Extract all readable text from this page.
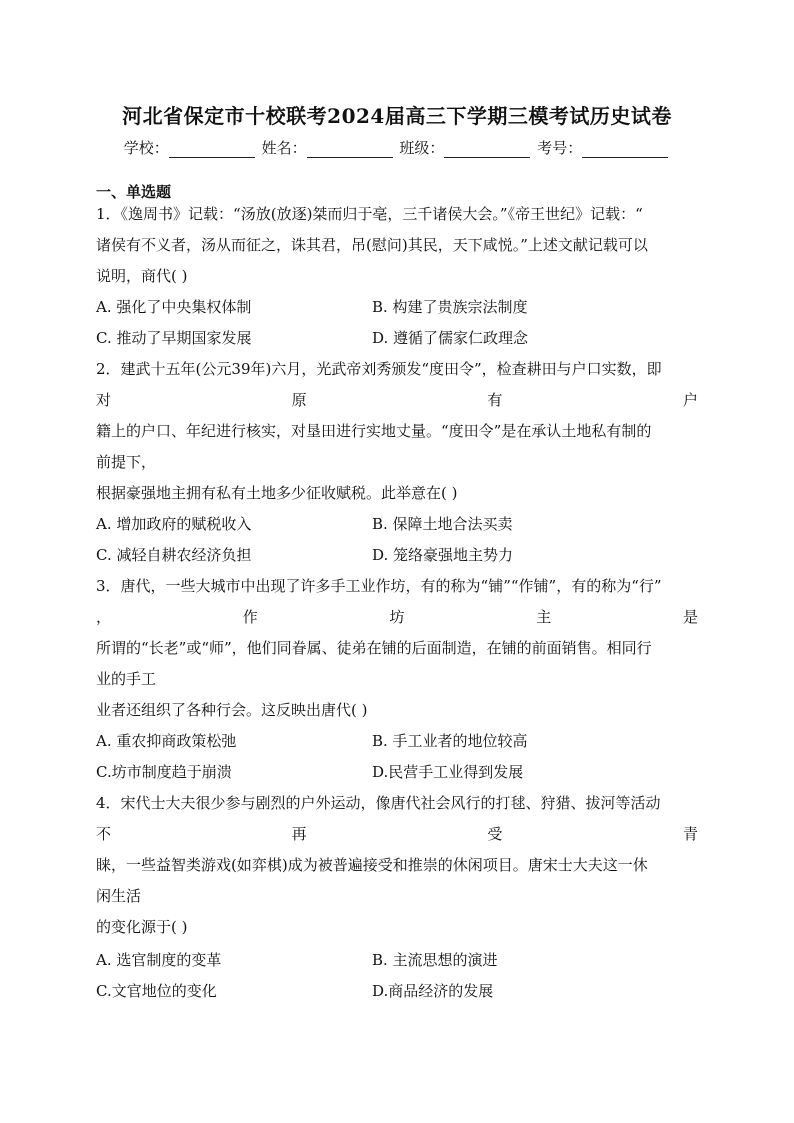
河北省保定市十校联考2024届高三下学期三模考试历史试卷
学校：	姓名：	班级：	考号：
一、单选题
1．《逸周书》记载：“汤放(放逐)桀而归于亳，三千诸侯大会。”《帝王世纪》记载：“
诸侯有不义者，汤从而征之，诛其君，吊(慰问)其民，天下咸悦。”上述文献记载可以
说明，商代( )
A. 强化了中央集权体制	B. 构建了贵族宗法制度
C. 推动了早期国家发展	D. 遵循了儒家仁政理念
2．建武十五年(公元39年)六月，光武帝刘秀颁发“度田令”，检查耕田与户口实数，即
对	原	有	户
籍上的户口、年纪进行核实，对垦田进行实地丈量。“度田令”是在承认土地私有制的
前提下，
根据豪强地主拥有私有土地多少征收赋税。此举意在( )
A. 增加政府的赋税收入	B. 保障土地合法买卖
C. 减轻自耕农经济负担	D. 笼络豪强地主势力
3．唐代，一些大城市中出现了许多手工业作坊，有的称为“铺”“作铺”，有的称为“行”
，	作	坊	主	是
所谓的“长老”或“师”，他们同眷属、徒弟在铺的后面制造，在铺的前面销售。相同行
业的手工
业者还组织了各种行会。这反映出唐代( )
A. 重农抑商政策松弛	B. 手工业者的地位较高
C.坊市制度趋于崩溃	D.民营手工业得到发展
4．宋代士大夫很少参与剧烈的户外运动，像唐代社会风行的打毬、狩猎、拔河等活动
不	再	受	青
睐，一些益智类游戏(如弈棋)成为被普遍接受和推崇的休闲项目。唐宋士大夫这一休
闲生活
的变化源于( )
A. 选官制度的变革	B. 主流思想的演进
C.文官地位的变化	D.商品经济的发展
